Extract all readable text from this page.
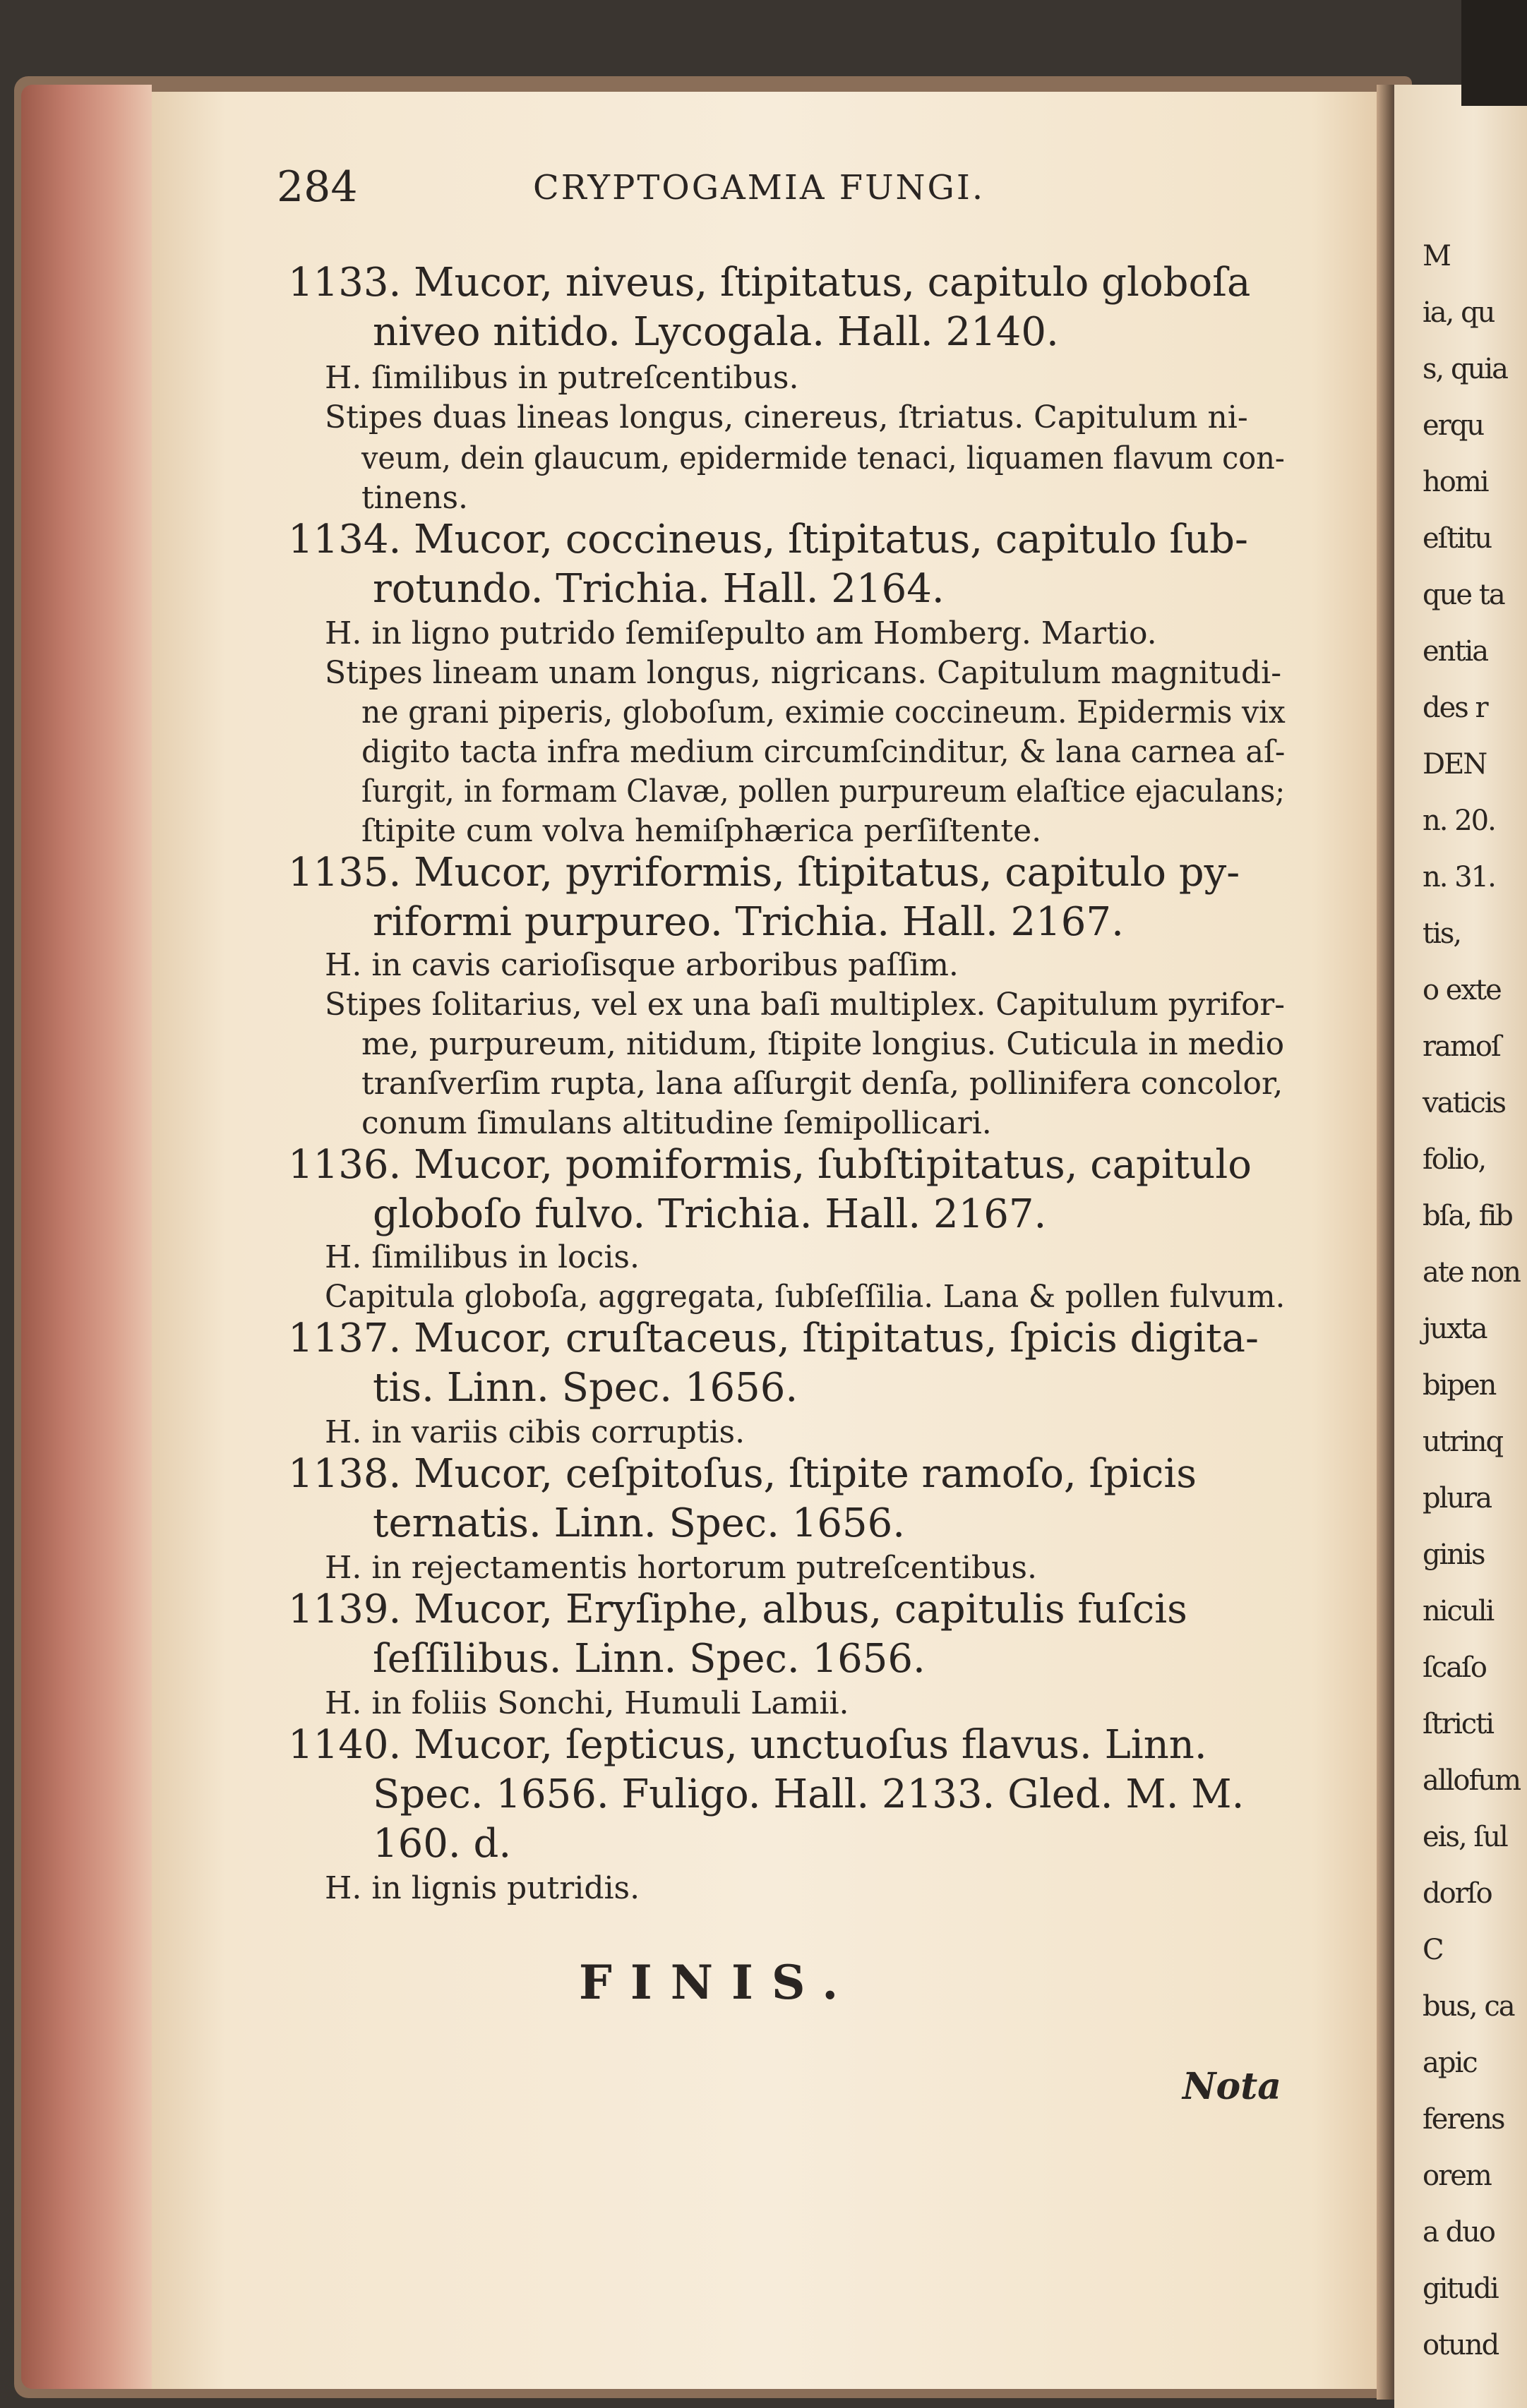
M
ia, qu
s, quia
erqu
homi
eſtitu
que ta
entia
des r
DEN
n. 20.
n. 31.
tis,
o exte
ramoſ
vaticis
folio,
bſa, fib
ate non
juxta
bipen
utrinq
plura
ginis
niculi
ſcaſo
ſtricti
allofum
eis, ſul
dorſo
C
bus, ca
apic
ferens
orem
a duo
gitudi
otund
284	CRYPTOGAMIA FUNGI.
1133. Mucor, niveus, ſtipitatus, capitulo globoſa
niveo nitido. Lycogala. Hall. 2140.
H. ſimilibus in putreſcentibus.
Stipes duas lineas longus, cinereus, ſtriatus. Capitulum ni-
veum, dein glaucum, epidermide tenaci, liquamen flavum con-
tinens.
1134. Mucor, coccineus, ſtipitatus, capitulo ſub-
rotundo. Trichia. Hall. 2164.
H. in ligno putrido ſemiſepulto am Homberg. Martio.
Stipes lineam unam longus, nigricans. Capitulum magnitudi-
ne grani piperis, globoſum, eximie coccineum. Epidermis vix
digito tacta infra medium circumſcinditur, & lana carnea aſ-
ſurgit, in formam Clavæ, pollen purpureum elaſtice ejaculans;
ſtipite cum volva hemiſphærica perſiſtente.
1135. Mucor, pyriformis, ſtipitatus, capitulo py-
riformi purpureo. Trichia. Hall. 2167.
H. in cavis carioſisque arboribus paſſim.
Stipes ſolitarius, vel ex una baſi multiplex. Capitulum pyrifor-
me, purpureum, nitidum, ſtipite longius. Cuticula in medio
tranſverſim rupta, lana aſſurgit denſa, pollinifera concolor,
conum ſimulans altitudine ſemipollicari.
1136. Mucor, pomiformis, ſubſtipitatus, capitulo
globoſo fulvo. Trichia. Hall. 2167.
H. ſimilibus in locis.
Capitula globoſa, aggregata, ſubſeſſilia. Lana & pollen fulvum.
1137. Mucor, cruſtaceus, ſtipitatus, ſpicis digita-
tis. Linn. Spec. 1656.
H. in variis cibis corruptis.
1138. Mucor, ceſpitoſus, ſtipite ramoſo, ſpicis
ternatis. Linn. Spec. 1656.
H. in rejectamentis hortorum putreſcentibus.
1139. Mucor, Eryſiphe, albus, capitulis fuſcis
ſeſſilibus. Linn. Spec. 1656.
H. in foliis Sonchi, Humuli Lamii.
1140. Mucor, ſepticus, unctuoſus flavus. Linn.
Spec. 1656. Fuligo. Hall. 2133. Gled. M. M.
160. d.
H. in lignis putridis.
FINIS.
Nota
